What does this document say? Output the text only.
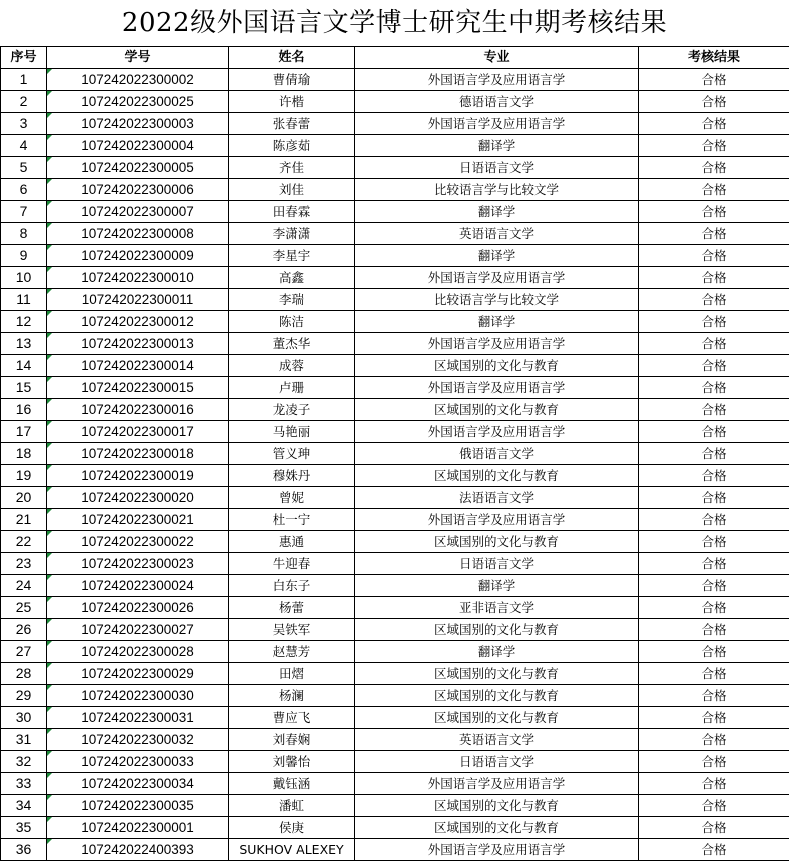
2022级外国语言文学博士研究生中期考核结果
序号	学号	姓名	专业	考核结果
1	107242022300002	曹倩瑜	外国语言学及应用语言学	合格
2	107242022300025	许楷	德语语言文学	合格
3	107242022300003	张春蕾	外国语言学及应用语言学	合格
4	107242022300004	陈彦茹	翻译学	合格
5	107242022300005	齐佳	日语语言文学	合格
6	107242022300006	刘佳	比较语言学与比较文学	合格
7	107242022300007	田春霖	翻译学	合格
8	107242022300008	李潇潇	英语语言文学	合格
9	107242022300009	李星宇	翻译学	合格
10	107242022300010	高鑫	外国语言学及应用语言学	合格
11	107242022300011	李瑞	比较语言学与比较文学	合格
12	107242022300012	陈洁	翻译学	合格
13	107242022300013	董杰华	外国语言学及应用语言学	合格
14	107242022300014	成蓉	区域国别的文化与教育	合格
15	107242022300015	卢珊	外国语言学及应用语言学	合格
16	107242022300016	龙凌子	区域国别的文化与教育	合格
17	107242022300017	马艳丽	外国语言学及应用语言学	合格
18	107242022300018	管义珅	俄语语言文学	合格
19	107242022300019	穆姝丹	区域国别的文化与教育	合格
20	107242022300020	曾妮	法语语言文学	合格
21	107242022300021	杜一宁	外国语言学及应用语言学	合格
22	107242022300022	惠通	区域国别的文化与教育	合格
23	107242022300023	牛迎春	日语语言文学	合格
24	107242022300024	白东子	翻译学	合格
25	107242022300026	杨蕾	亚非语言文学	合格
26	107242022300027	吴铁军	区域国别的文化与教育	合格
27	107242022300028	赵慧芳	翻译学	合格
28	107242022300029	田熠	区域国别的文化与教育	合格
29	107242022300030	杨澜	区域国别的文化与教育	合格
30	107242022300031	曹应飞	区域国别的文化与教育	合格
31	107242022300032	刘春娴	英语语言文学	合格
32	107242022300033	刘馨怡	日语语言文学	合格
33	107242022300034	戴钰涵	外国语言学及应用语言学	合格
34	107242022300035	潘虹	区域国别的文化与教育	合格
35	107242022300001	侯庚	区域国别的文化与教育	合格
36	107242022400393	SUKHOV ALEXEY	外国语言学及应用语言学	合格
